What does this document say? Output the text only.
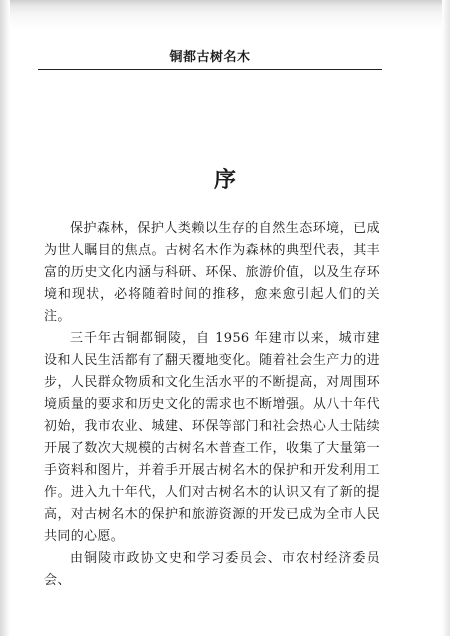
铜都古树名木
序

保护森林，保护人类赖以生存的自然生态环境，已成为世人瞩目的焦点。古树名木作为森林的典型代表，其丰富的历史文化内涵与科研、环保、旅游价值，以及生存环境和现状，必将随着时间的推移，愈来愈引起人们的关注。

三千年古铜都铜陵，自 1956 年建市以来，城市建设和人民生活都有了翻天覆地变化。随着社会生产力的进步，人民群众物质和文化生活水平的不断提高，对周围环境质量的要求和历史文化的需求也不断增强。从八十年代初始，我市农业、城建、环保等部门和社会热心人士陆续开展了数次大规模的古树名木普查工作，收集了大量第一手资料和图片，并着手开展古树名木的保护和开发利用工作。进入九十年代，人们对古树名木的认识又有了新的提高，对古树名木的保护和旅游资源的开发已成为全市人民共同的心愿。

由铜陵市政协文史和学习委员会、市农村经济委员会、
